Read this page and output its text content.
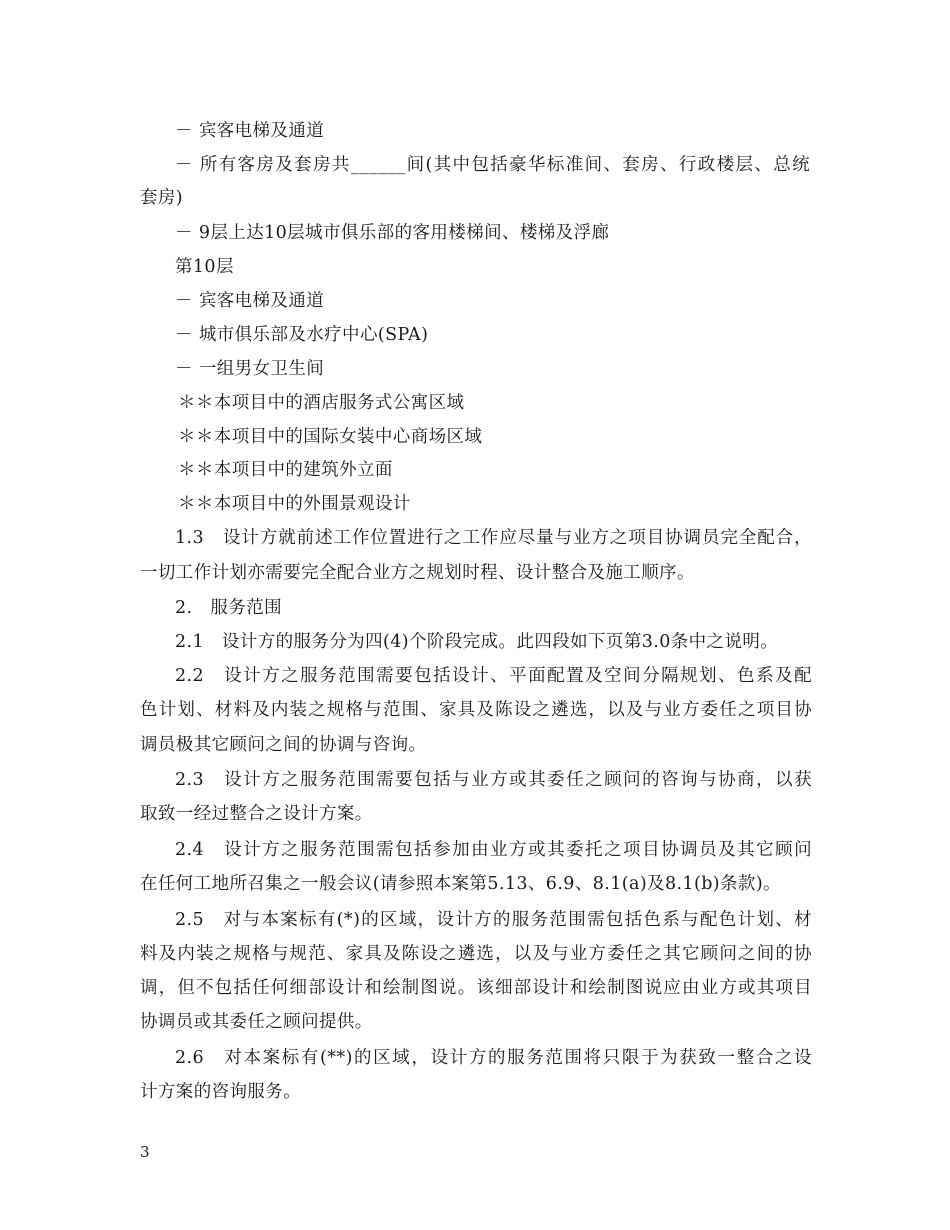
－ 宾客电梯及通道
－ 所有客房及套房共______间(其中包括豪华标准间、套房、行政楼层、总统
套房)
－ 9层上达10层城市俱乐部的客用楼梯间、楼梯及浮廊
第10层
－ 宾客电梯及通道
－ 城市俱乐部及水疗中心(SPA)
－ 一组男女卫生间
＊＊本项目中的酒店服务式公寓区域
＊＊本项目中的国际女装中心商场区域
＊＊本项目中的建筑外立面
＊＊本项目中的外围景观设计
1.3　设计方就前述工作位置进行之工作应尽量与业方之项目协调员完全配合，
一切工作计划亦需要完全配合业方之规划时程、设计整合及施工顺序。
2.　服务范围
2.1　设计方的服务分为四(4)个阶段完成。此四段如下页第3.0条中之说明。
2.2　设计方之服务范围需要包括设计、平面配置及空间分隔规划、色系及配
色计划、材料及内装之规格与范围、家具及陈设之遴选，以及与业方委任之项目协
调员极其它顾问之间的协调与咨询。
2.3　设计方之服务范围需要包括与业方或其委任之顾问的咨询与协商，以获
取致一经过整合之设计方案。
2.4　设计方之服务范围需包括参加由业方或其委托之项目协调员及其它顾问
在任何工地所召集之一般会议(请参照本案第5.13、6.9、8.1(a)及8.1(b)条款)。
2.5　对与本案标有(*)的区域，设计方的服务范围需包括色系与配色计划、材
料及内装之规格与规范、家具及陈设之遴选，以及与业方委任之其它顾问之间的协
调，但不包括任何细部设计和绘制图说。该细部设计和绘制图说应由业方或其项目
协调员或其委任之顾问提供。
2.6　对本案标有(**)的区域，设计方的服务范围将只限于为获致一整合之设
计方案的咨询服务。
3
